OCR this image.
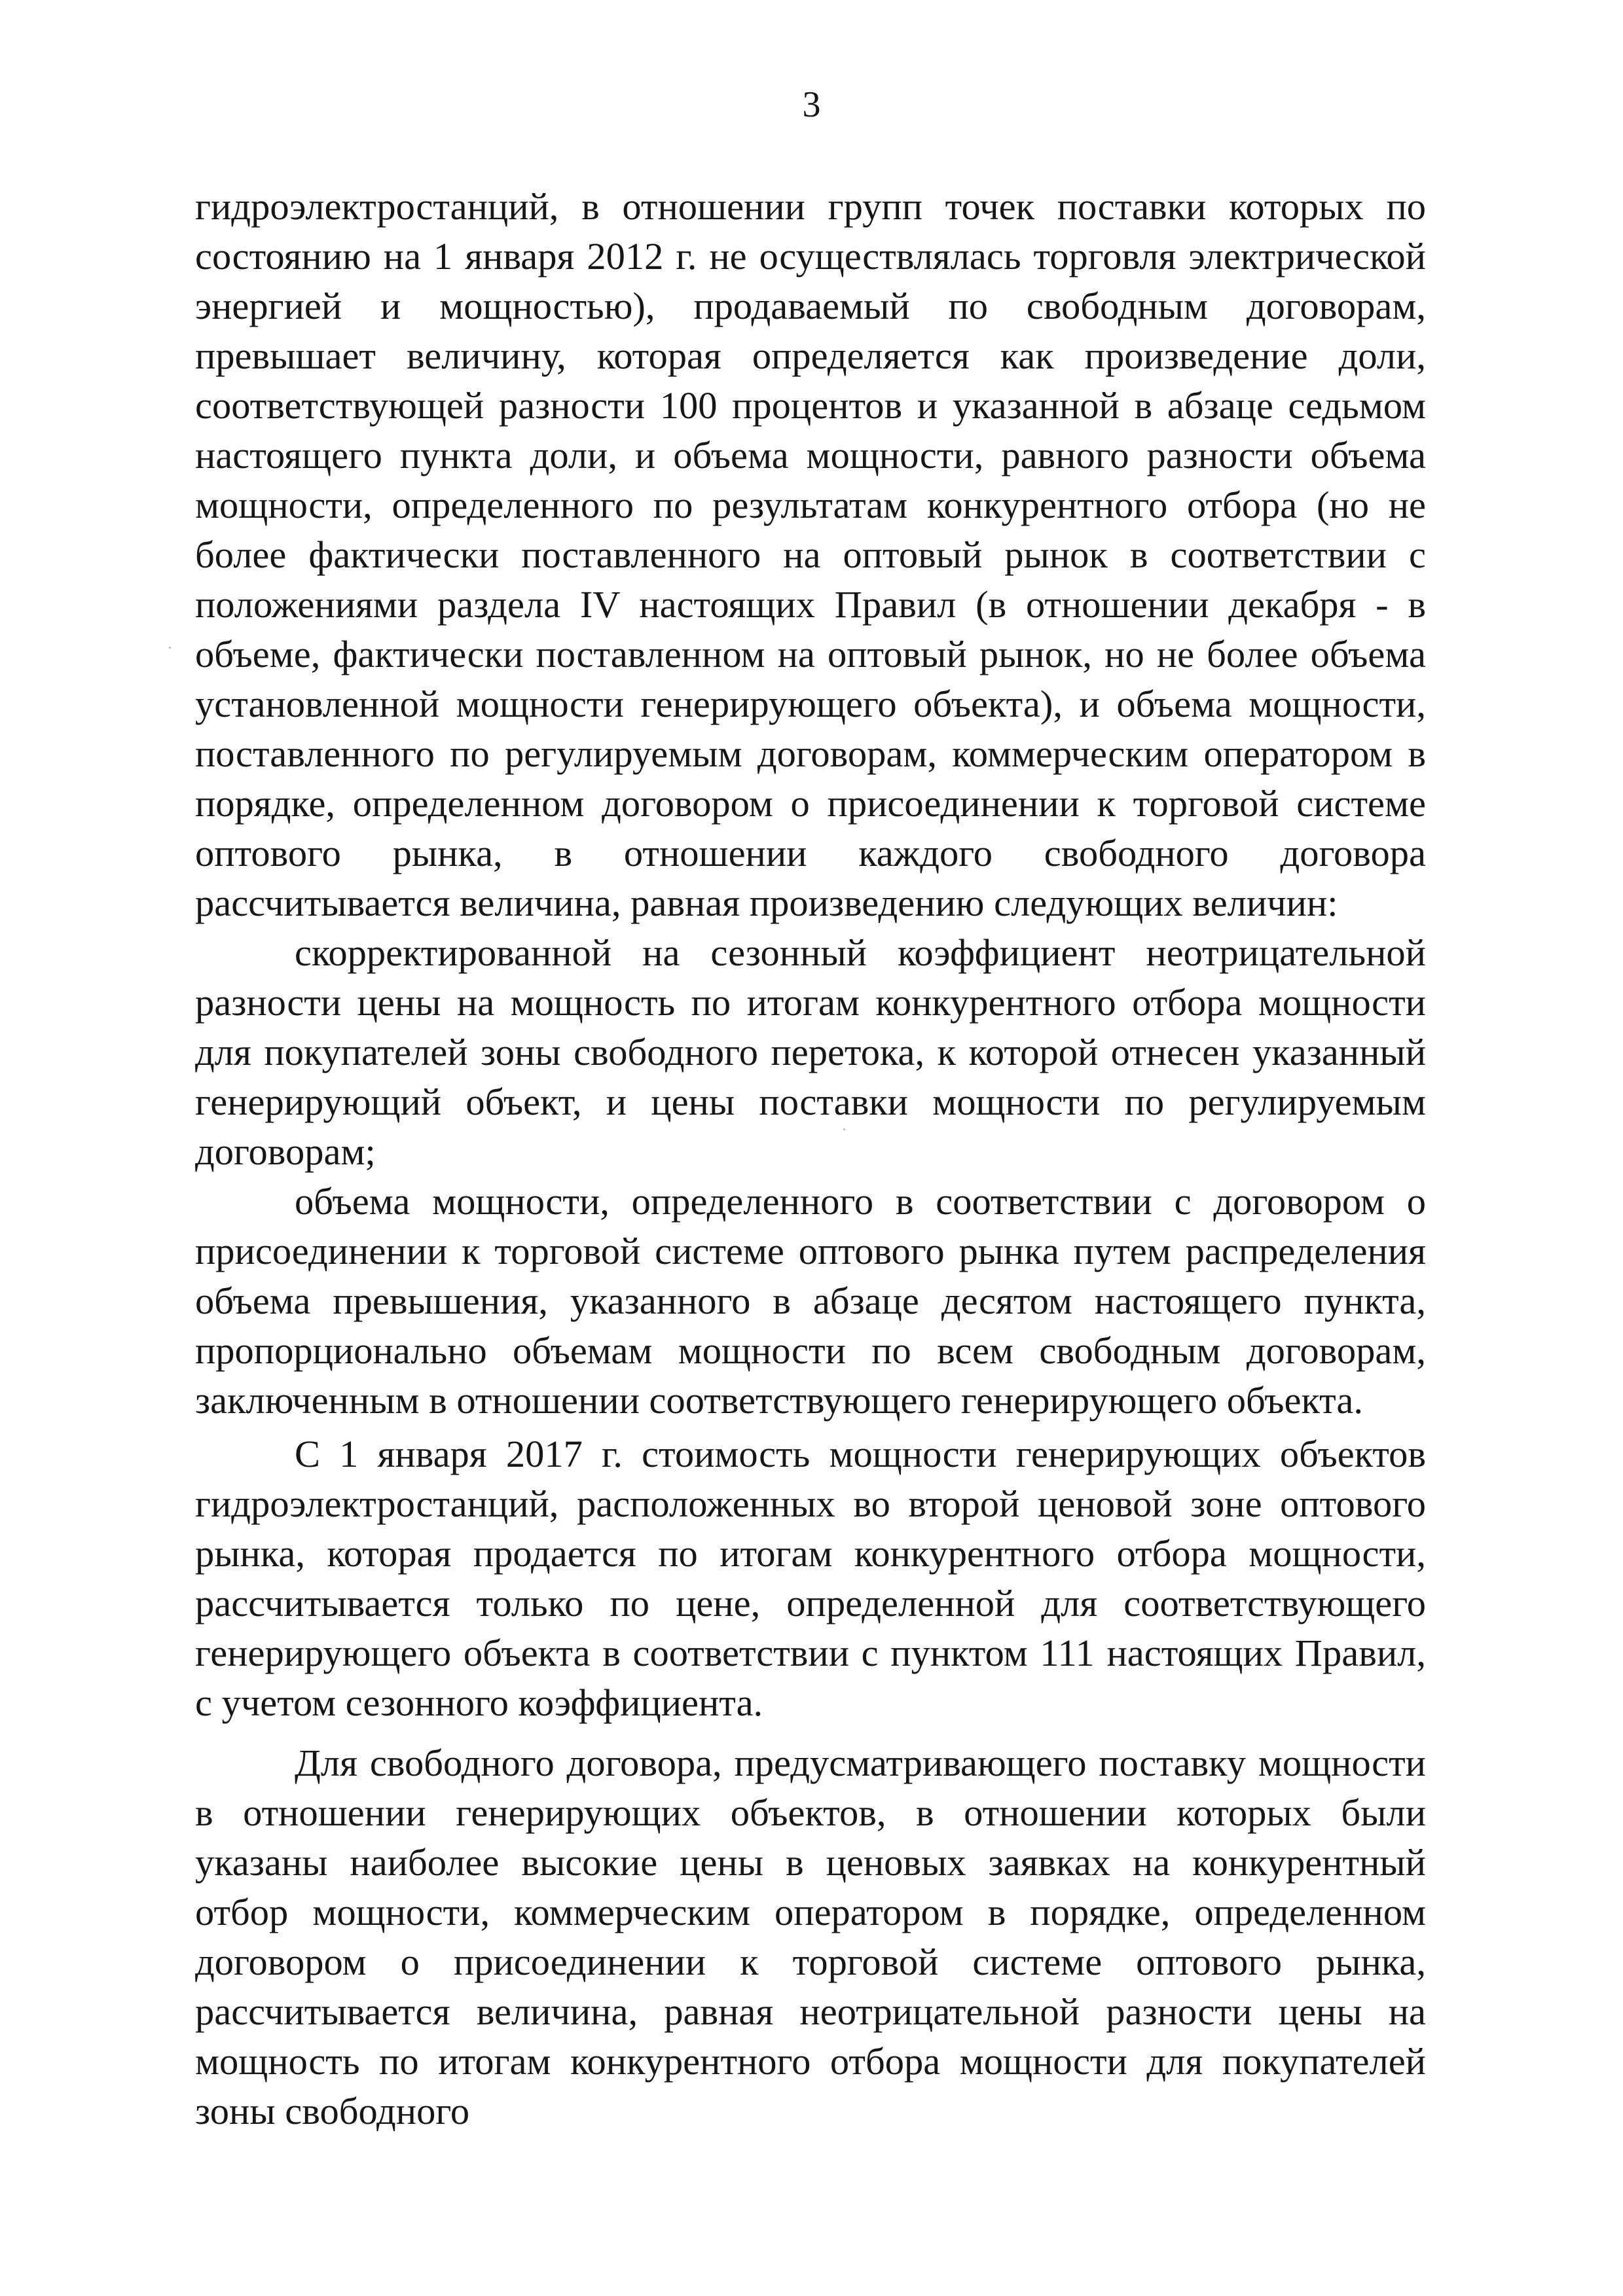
3

гидроэлектростанций, в отношении групп точек поставки которых по состоянию на 1 января 2012 г. не осуществлялась торговля электрической энергией и мощностью), продаваемый по свободным договорам, превышает величину, которая определяется как произведение доли, соответствующей разности 100 процентов и указанной в абзаце седьмом настоящего пункта доли, и объема мощности, равного разности объема мощности, определенного по результатам конкурентного отбора (но не более фактически поставленного на оптовый рынок в соответствии с положениями раздела IV настоящих Правил (в отношении декабря - в объеме, фактически поставленном на оптовый рынок, но не более объема установленной мощности генерирующего объекта), и объема мощности, поставленного по регулируемым договорам, коммерческим оператором в порядке, определенном договором о присоединении к торговой системе оптового рынка, в отношении каждого свободного договора рассчитывается величина, равная произведению следующих величин:

скорректированной на сезонный коэффициент неотрицательной разности цены на мощность по итогам конкурентного отбора мощности для покупателей зоны свободного перетока, к которой отнесен указанный генерирующий объект, и цены поставки мощности по регулируемым договорам;

объема мощности, определенного в соответствии с договором о присоединении к торговой системе оптового рынка путем распределения объема превышения, указанного в абзаце десятом настоящего пункта, пропорционально объемам мощности по всем свободным договорам, заключенным в отношении соответствующего генерирующего объекта.

С 1 января 2017 г. стоимость мощности генерирующих объектов гидроэлектростанций, расположенных во второй ценовой зоне оптового рынка, которая продается по итогам конкурентного отбора мощности, рассчитывается только по цене, определенной для соответствующего генерирующего объекта в соответствии с пунктом 111 настоящих Правил, с учетом сезонного коэффициента.

Для свободного договора, предусматривающего поставку мощности в отношении генерирующих объектов, в отношении которых были указаны наиболее высокие цены в ценовых заявках на конкурентный отбор мощности, коммерческим оператором в порядке, определенном договором о присоединении к торговой системе оптового рынка, рассчитывается величина, равная неотрицательной разности цены на мощность по итогам конкурентного отбора мощности для покупателей зоны свободного
